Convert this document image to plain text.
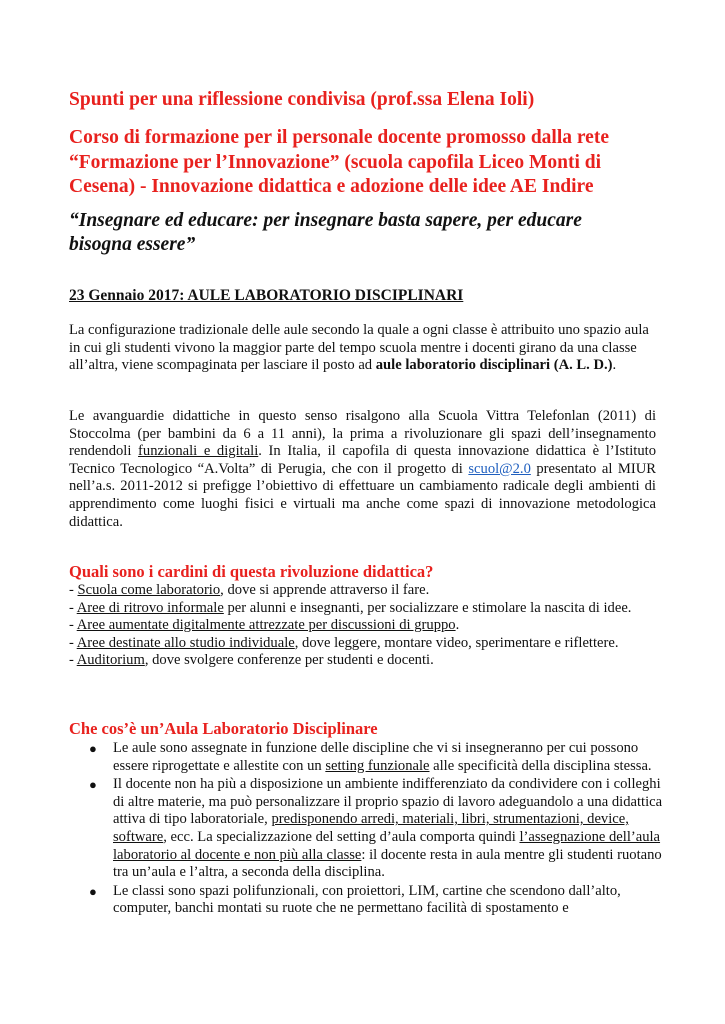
Spunti per una riflessione condivisa (prof.ssa Elena Ioli)
Corso di formazione per il personale docente promosso dalla rete
“Formazione per l’Innovazione” (scuola capofila Liceo Monti di
Cesena) - Innovazione didattica e adozione delle idee AE Indire
“Insegnare ed educare: per insegnare basta sapere, per educare
bisogna essere”
23 Gennaio 2017: AULE LABORATORIO DISCIPLINARI

La configurazione tradizionale delle aule secondo la quale a ogni classe è attribuito uno spazio aula in cui gli studenti vivono la maggior parte del tempo scuola mentre i docenti girano da una classe all’altra, viene scompaginata per lasciare il posto ad aule laboratorio disciplinari (A. L. D.).

Le avanguardie didattiche in questo senso risalgono alla Scuola Vittra Telefonlan (2011) di Stoccolma (per bambini da 6 a 11 anni), la prima a rivoluzionare gli spazi dell’insegnamento rendendoli funzionali e digitali. In Italia, il capofila di questa innovazione didattica è l’Istituto Tecnico Tecnologico “A.Volta” di Perugia, che con il progetto di scuol@2.0 presentato al MIUR nell’a.s. 2011-2012 si prefigge l’obiettivo di effettuare un cambiamento radicale degli ambienti di apprendimento come luoghi fisici e virtuali ma anche come spazi di innovazione metodologica didattica.

Quali sono i cardini di questa rivoluzione didattica?

- Scuola come laboratorio, dove si apprende attraverso il fare.

- Aree di ritrovo informale per alunni e insegnanti, per socializzare e stimolare la nascita di idee.

- Aree aumentate digitalmente attrezzate per discussioni di gruppo.

- Aree destinate allo studio individuale, dove leggere, montare video, sperimentare e riflettere.

- Auditorium, dove svolgere conferenze per studenti e docenti.

Che cos’è un’Aula Laboratorio Disciplinare
● Le aule sono assegnate in funzione delle discipline che vi si insegneranno per cui possono essere riprogettate e allestite con un setting funzionale alle specificità della disciplina stessa.
● Il docente non ha più a disposizione un ambiente indifferenziato da condividere con i colleghi di altre materie, ma può personalizzare il proprio spazio di lavoro adeguandolo a una didattica attiva di tipo laboratoriale, predisponendo arredi, materiali, libri, strumentazioni, device, software, ecc. La specializzazione del setting d’aula comporta quindi l’assegnazione dell’aula laboratorio al docente e non più alla classe: il docente resta in aula mentre gli studenti ruotano tra un’aula e l’altra, a seconda della disciplina.
● Le classi sono spazi polifunzionali, con proiettori, LIM, cartine che scendono dall’alto, computer, banchi montati su ruote che ne permettano facilità di spostamento e
